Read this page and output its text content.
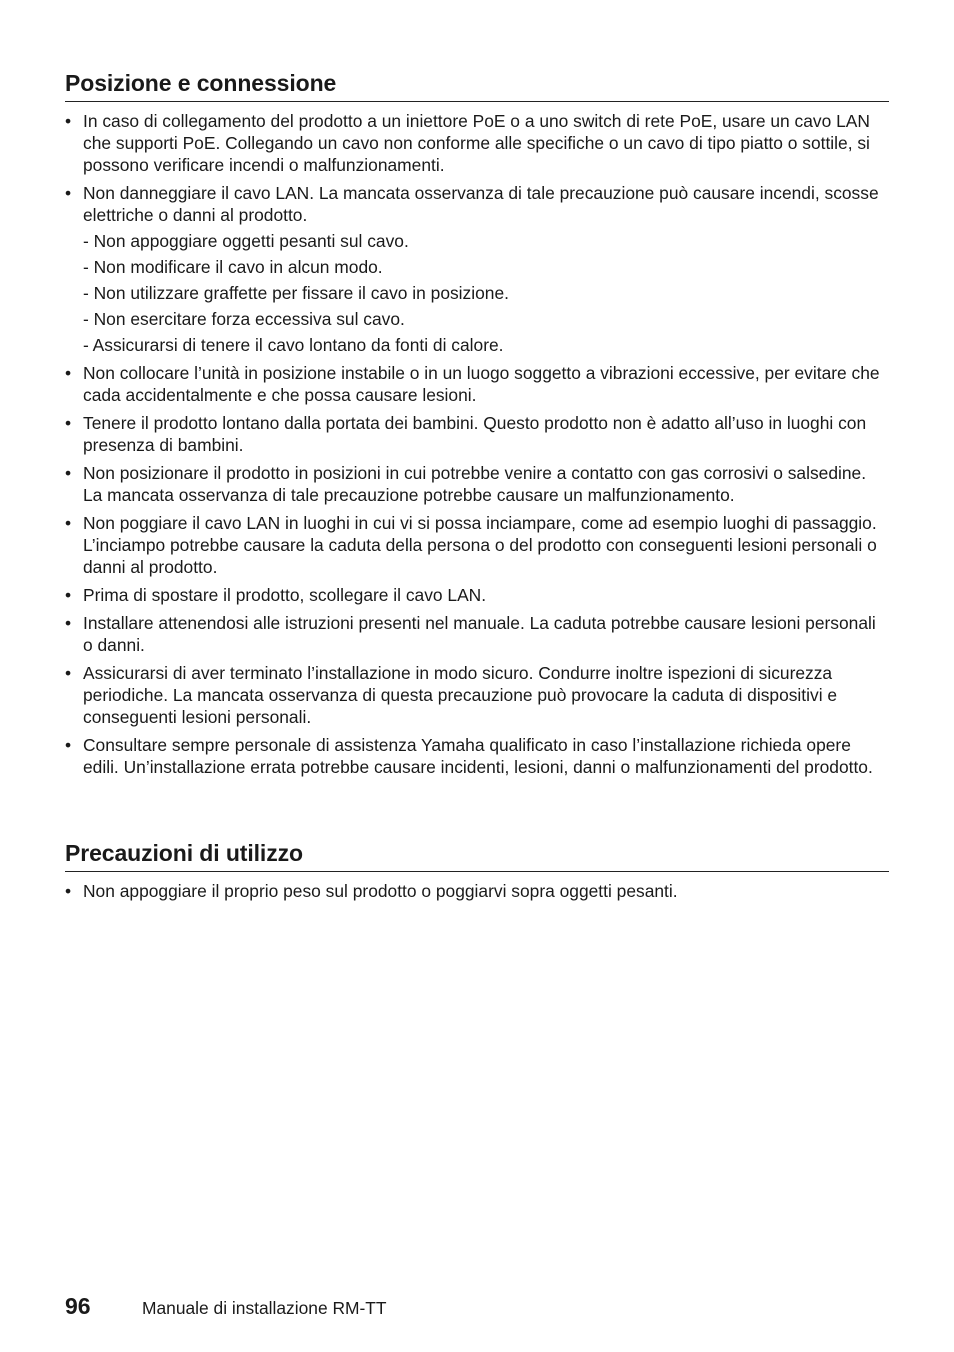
Posizione e connessione
• In caso di collegamento del prodotto a un iniettore PoE o a uno switch di rete PoE, usare un cavo LAN che supporti PoE. Collegando un cavo non conforme alle specifiche o un cavo di tipo piatto o sottile, si possono verificare incendi o malfunzionamenti.
• Non danneggiare il cavo LAN. La mancata osservanza di tale precauzione può causare incendi, scosse elettriche o danni al prodotto.
- Non appoggiare oggetti pesanti sul cavo.
- Non modificare il cavo in alcun modo.
- Non utilizzare graffette per fissare il cavo in posizione.
- Non esercitare forza eccessiva sul cavo.
- Assicurarsi di tenere il cavo lontano da fonti di calore.
• Non collocare l’unità in posizione instabile o in un luogo soggetto a vibrazioni eccessive, per evitare che cada accidentalmente e che possa causare lesioni.
• Tenere il prodotto lontano dalla portata dei bambini. Questo prodotto non è adatto all’uso in luoghi con presenza di bambini.
• Non posizionare il prodotto in posizioni in cui potrebbe venire a contatto con gas corrosivi o salsedine. La mancata osservanza di tale precauzione potrebbe causare un malfunzionamento.
• Non poggiare il cavo LAN in luoghi in cui vi si possa inciampare, come ad esempio luoghi di passaggio. L’inciampo potrebbe causare la caduta della persona o del prodotto con conseguenti lesioni personali o danni al prodotto.
• Prima di spostare il prodotto, scollegare il cavo LAN.
• Installare attenendosi alle istruzioni presenti nel manuale. La caduta potrebbe causare lesioni personali o danni.
• Assicurarsi di aver terminato l’installazione in modo sicuro. Condurre inoltre ispezioni di sicurezza periodiche. La mancata osservanza di questa precauzione può provocare la caduta di dispositivi e conseguenti lesioni personali.
• Consultare sempre personale di assistenza Yamaha qualificato in caso l’installazione richieda opere edili. Un’installazione errata potrebbe causare incidenti, lesioni, danni o malfunzionamenti del prodotto.
Precauzioni di utilizzo
• Non appoggiare il proprio peso sul prodotto o poggiarvi sopra oggetti pesanti.
96	Manuale di installazione RM-TT
